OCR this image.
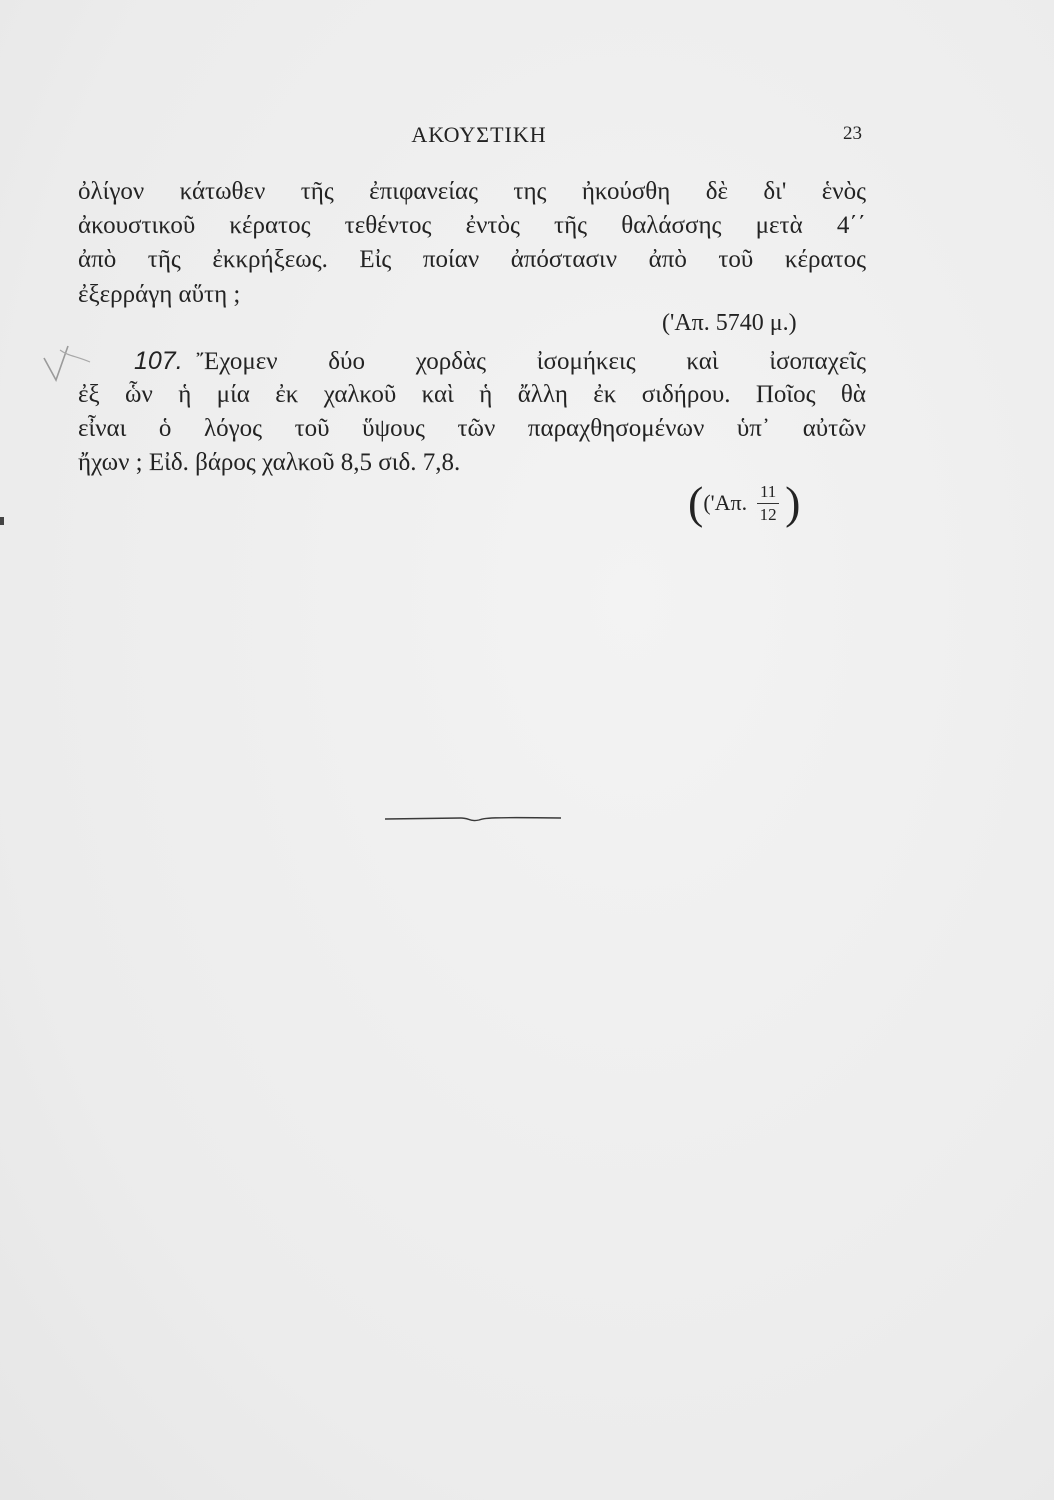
ΑΚΟΥΣΤΙΚΗ	23
ὀλίγον κάτωθεν τῆς ἐπιφανείας της ἠκούσθη δὲ δι' ἑνὸς
ἀκουστικοῦ κέρατος τεθέντος ἐντὸς τῆς θαλάσσης μετὰ 4΄΄
ἀπὸ τῆς ἐκκρήξεως. Εἰς ποίαν ἀπόστασιν ἀπὸ τοῦ κέρατος
ἐξερράγη αὕτη ;
('Απ. 5740 μ.)
107. Ἔχομεν δύο χορδὰς ἰσομήκεις καὶ ἰσοπαχεῖς
ἐξ ὧν ἡ μία ἐκ χαλκοῦ καὶ ἡ ἄλλη ἐκ σιδήρου. Ποῖος θὰ
εἶναι ὁ λόγος τοῦ ὕψους τῶν παραχθησομένων ὑπ᾽ αὐτῶν
ἤχων ; Εἰδ. βάρος χαλκοῦ 8,5 σιδ. 7,8.
( ('Απ. $\frac{11}{12}$ )
